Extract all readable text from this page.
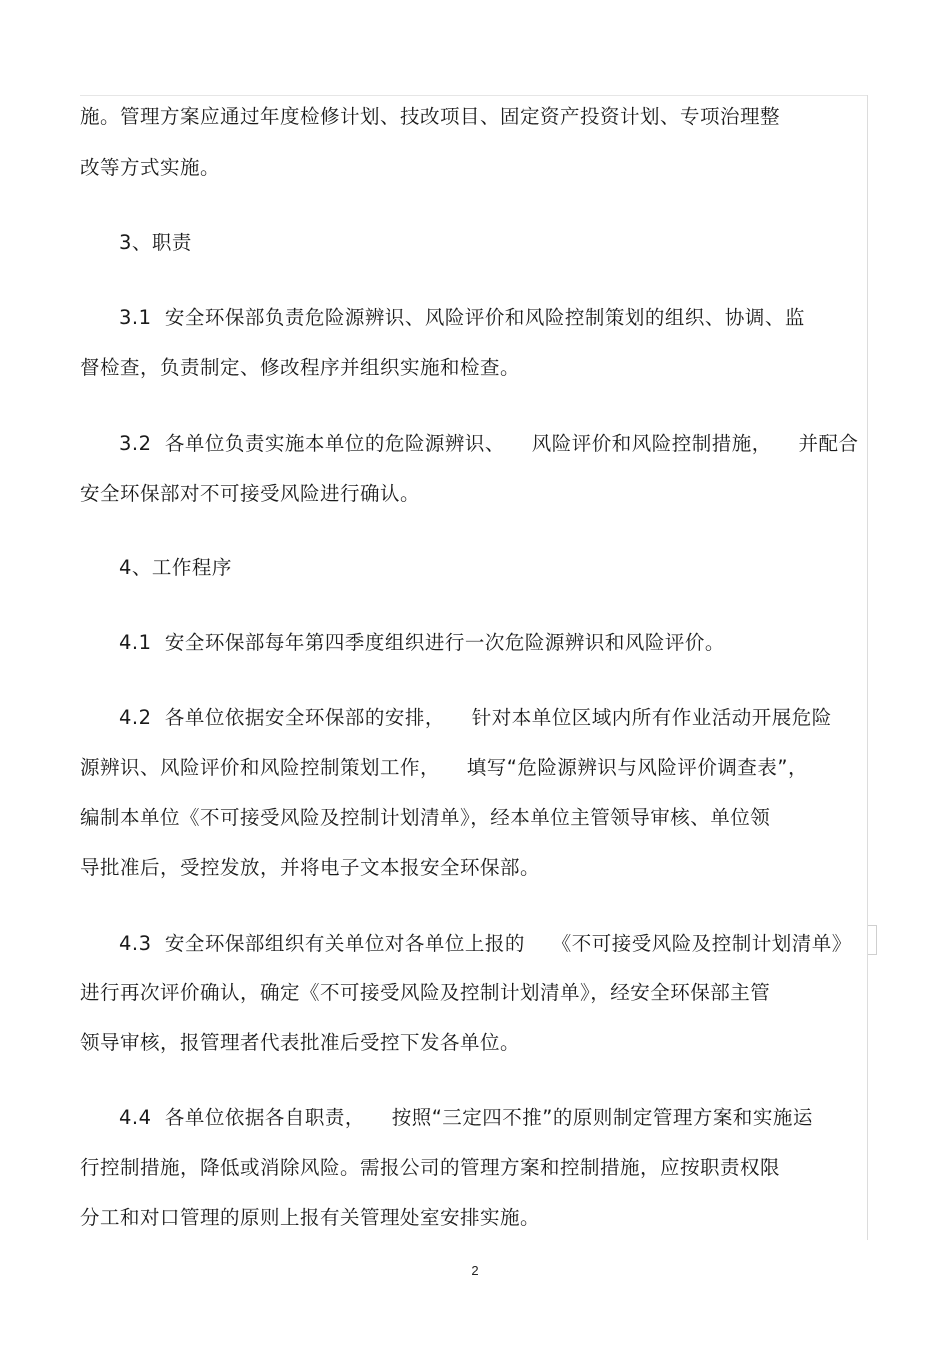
施。管理方案应通过年度检修计划、技改项目、固定资产投资计划、专项治理整
改等方式实施。
3、职责
3.1  安全环保部负责危险源辨识、风险评价和风险控制策划的组织、协调、监
督检查，负责制定、修改程序并组织实施和检查。
3.2  各单位负责实施本单位的危险源辨识、    风险评价和风险控制措施，    并配合
安全环保部对不可接受风险进行确认。
4、工作程序
4.1  安全环保部每年第四季度组织进行一次危险源辨识和风险评价。
4.2  各单位依据安全环保部的安排，    针对本单位区域内所有作业活动开展危险
源辨识、风险评价和风险控制策划工作，    填写“危险源辨识与风险评价调查表”，
编制本单位《不可接受风险及控制计划清单》，经本单位主管领导审核、单位领
导批准后，受控发放，并将电子文本报安全环保部。
4.3  安全环保部组织有关单位对各单位上报的    《不可接受风险及控制计划清单》
进行再次评价确认，确定《不可接受风险及控制计划清单》，经安全环保部主管
领导审核，报管理者代表批准后受控下发各单位。
4.4  各单位依据各自职责，    按照“三定四不推”的原则制定管理方案和实施运
行控制措施，降低或消除风险。需报公司的管理方案和控制措施，应按职责权限
分工和对口管理的原则上报有关管理处室安排实施。
2
